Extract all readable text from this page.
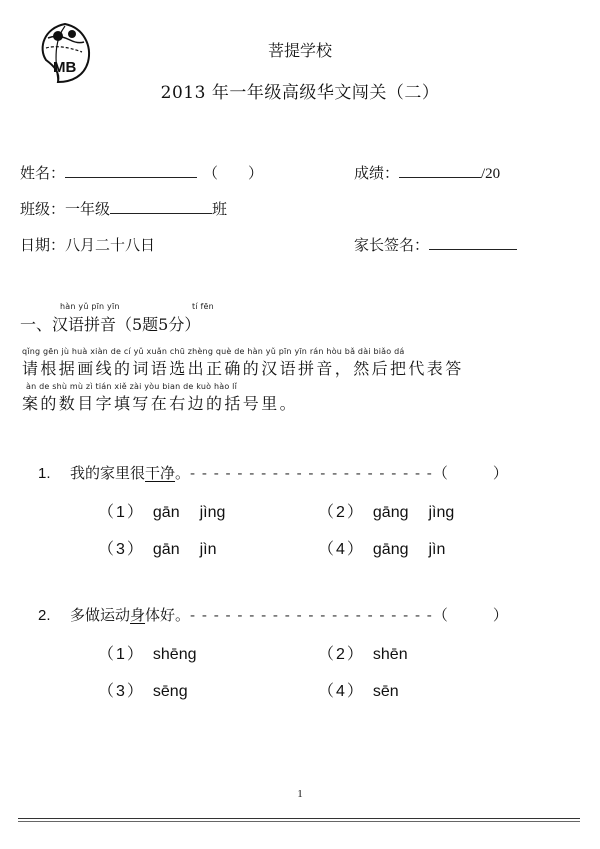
MB
菩提学校
2013 年一年级高级华文闯关（二）
姓名：	（　　）	成绩：	/20
班级：一年级	班
日期：八月二十八日	家长签名：
hàn yǔ pīn yīn	tí fēn
一、汉语拼音（5题5分）
qǐng gēn jù huà xiàn de cí yǔ xuǎn chū zhèng què de hàn yǔ pīn yīn rán hòu bǎ dài biǎo dá
请根据画线的词语选出正确的汉语拼音，然后把代表答
àn de shù mù zì tián xiě zài yòu bian de kuò hào lǐ
案的数目字填写在右边的括号里。
1. 我的家里很干净。- - - - - - - - - - - - - - - - - - - - -（　　　）
（1） gān jìng	（2） gāng jìng
（3） gān jìn	（4） gāng jìn
2. 多做运动身体好。- - - - - - - - - - - - - - - - - - - - -（　　　）
（1） shēng	（2） shēn
（3） sēng	（4） sēn
1
